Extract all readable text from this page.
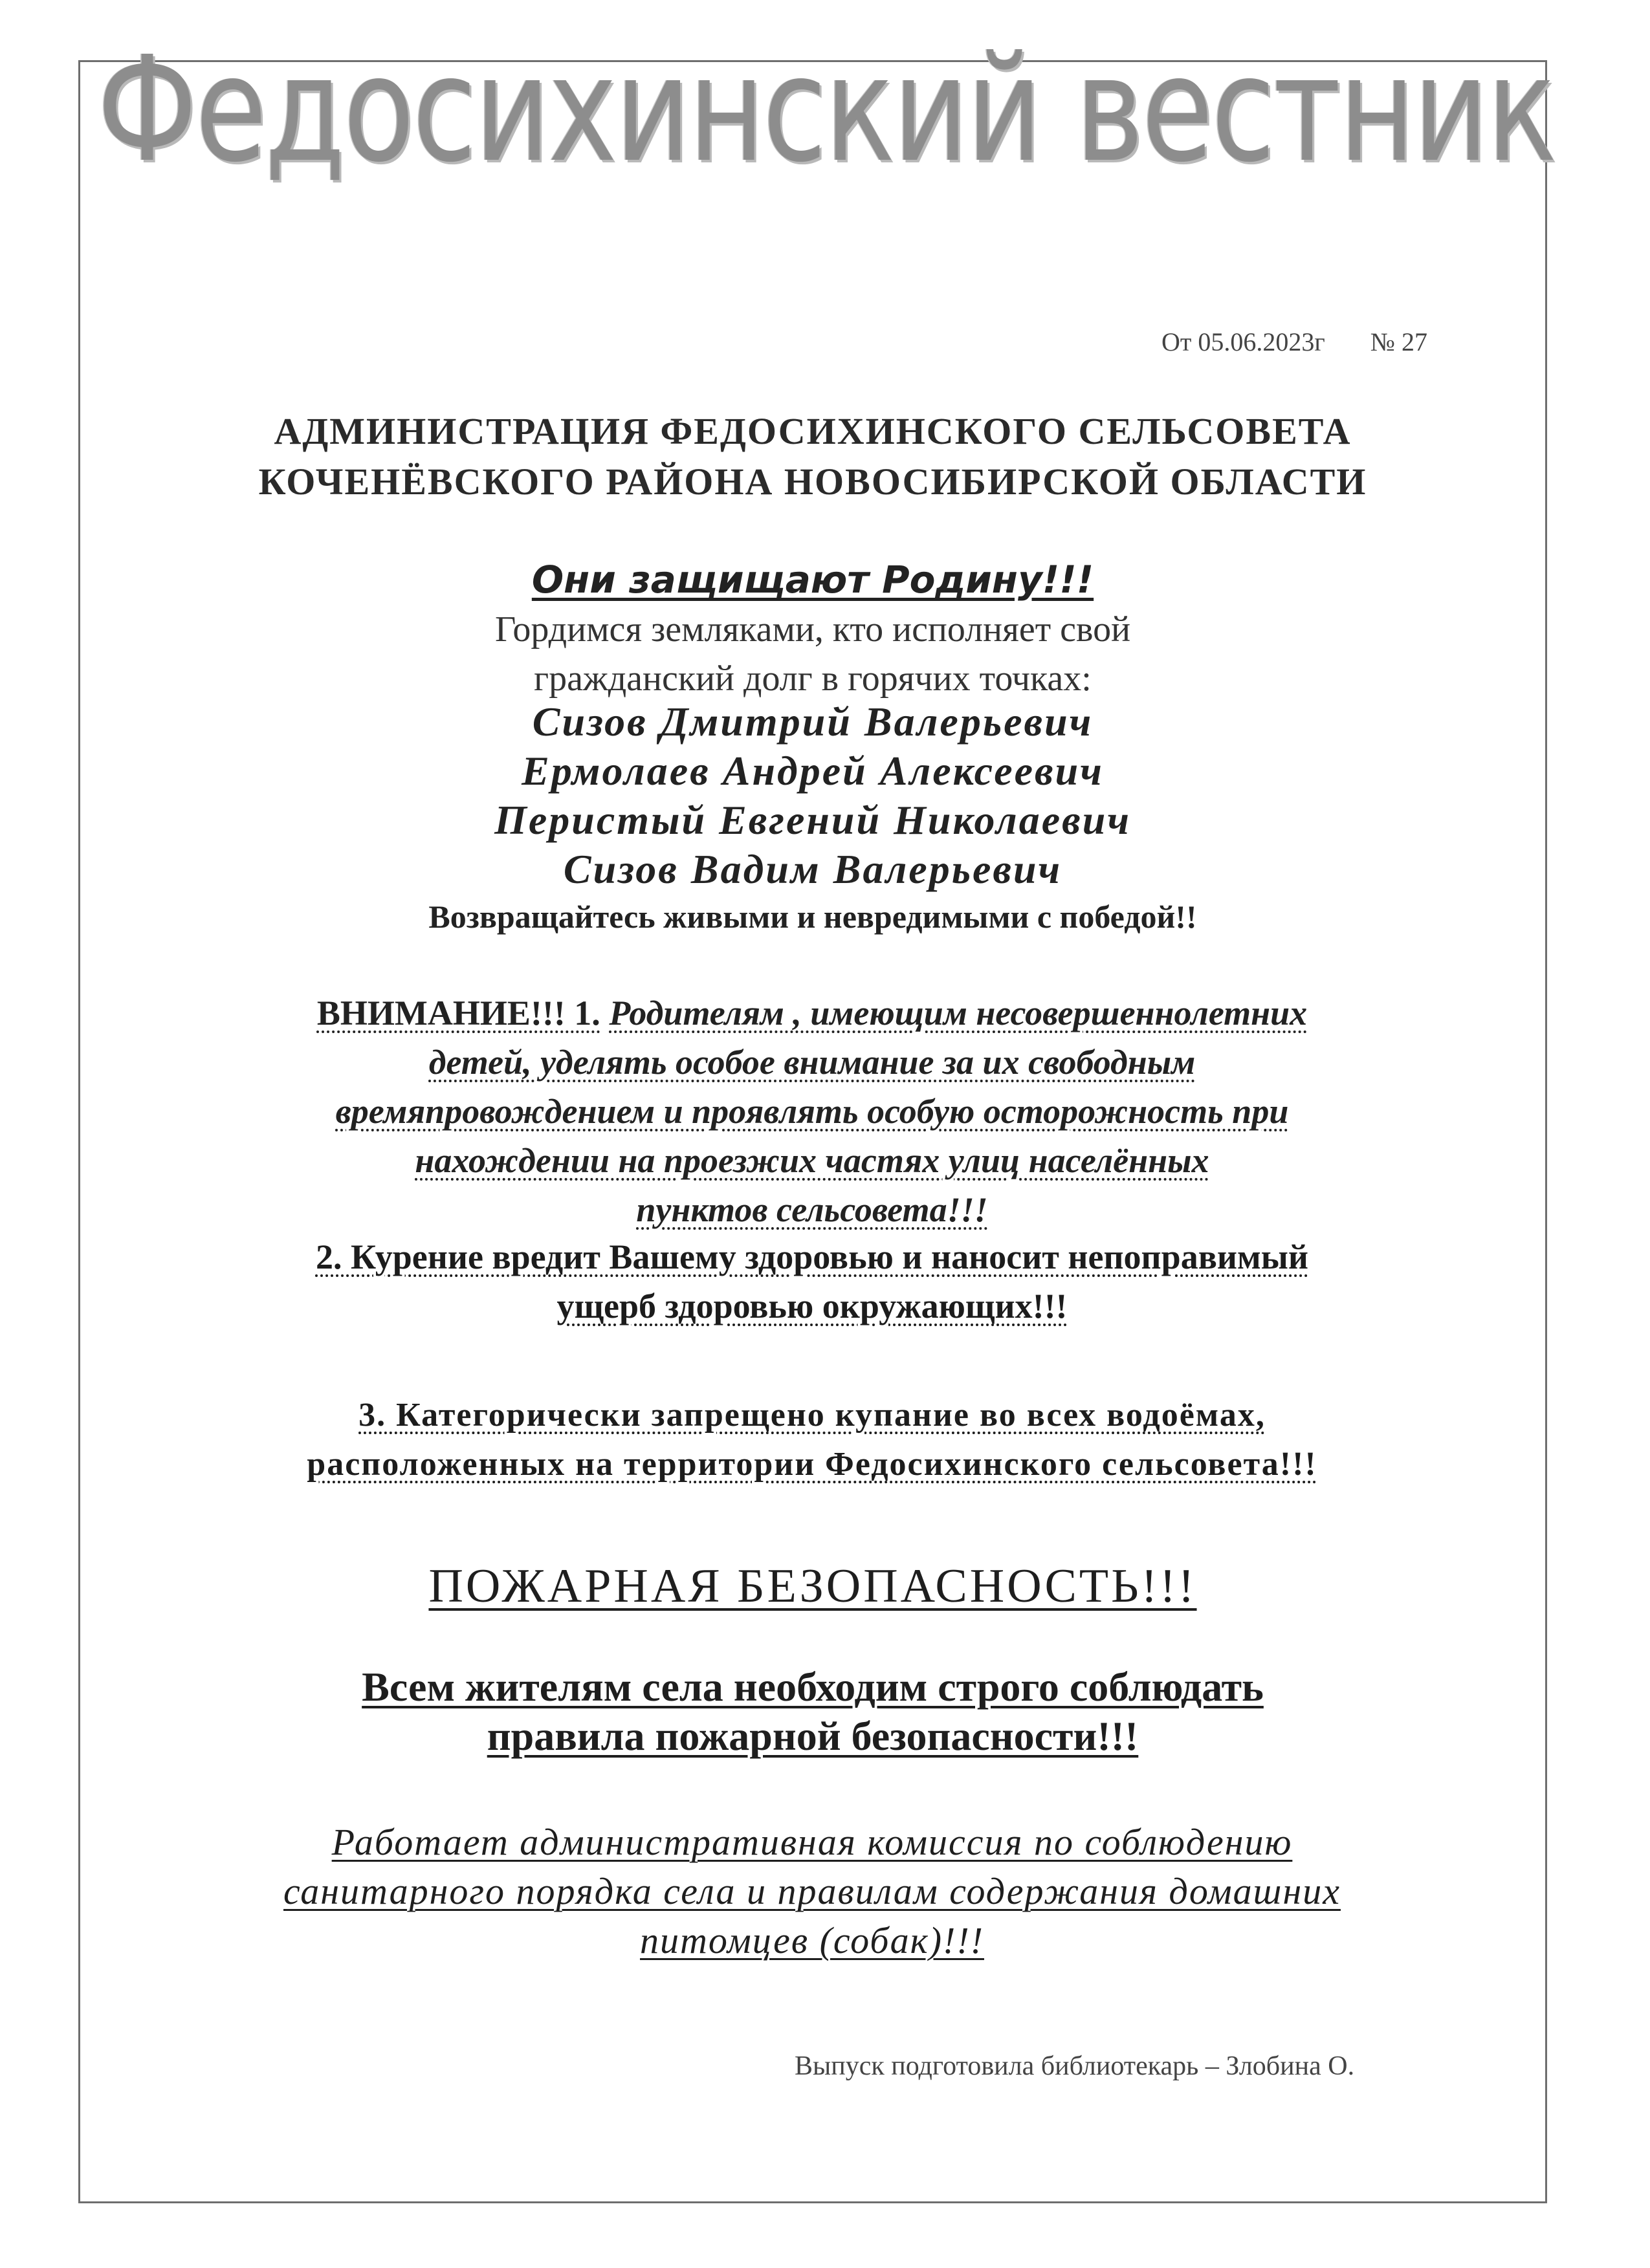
Федосихинский вестник
От 05.06.2023г № 27
АДМИНИСТРАЦИЯ ФЕДОСИХИНСКОГО СЕЛЬСОВЕТА
КОЧЕНЁВСКОГО РАЙОНА НОВОСИБИРСКОЙ ОБЛАСТИ
Они защищают Родину!!!
Гордимся земляками, кто исполняет свой
гражданский долг в горячих точках:
Сизов Дмитрий Валерьевич
Ермолаев Андрей Алексеевич
Перистый Евгений Николаевич
Сизов Вадим Валерьевич
Возвращайтесь живыми и невредимыми с победой!!
ВНИМАНИЕ!!! 1. Родителям , имеющим несовершеннолетних
детей, уделять особое внимание за их свободным
времяпровождением и проявлять особую осторожность при
нахождении на проезжих частях улиц населённых
пунктов сельсовета!!!
2. Курение вредит Вашему здоровью и наносит непоправимый
ущерб здоровью окружающих!!!
3. Категорически запрещено купание во всех водоёмах,
расположенных на территории Федосихинского сельсовета!!!
ПОЖАРНАЯ БЕЗОПАСНОСТЬ!!!
Всем жителям села необходим строго соблюдать
правила пожарной безопасности!!!
Работает административная комиссия по соблюдению
санитарного порядка села и правилам содержания домашних
питомцев (собак)!!!
Выпуск подготовила библиотекарь – Злобина О.
